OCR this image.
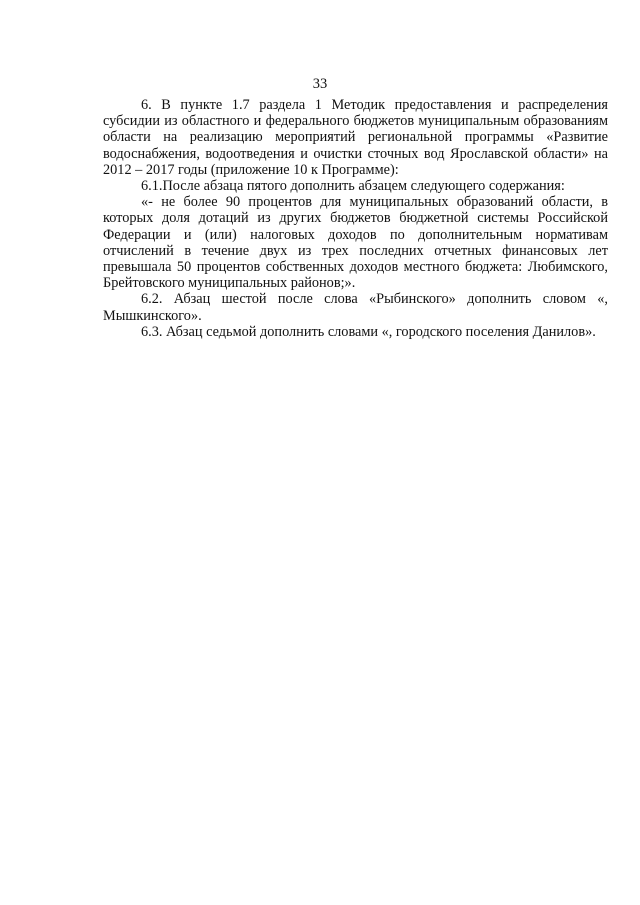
33

6. В пункте 1.7 раздела 1 Методик предоставления и распределения субсидии из областного и федерального бюджетов муниципальным образованиям области на реализацию мероприятий региональной программы «Развитие водоснабжения, водоотведения и очистки сточных вод Ярославской области» на 2012 – 2017 годы (приложение 10 к Программе):

6.1.После абзаца пятого дополнить абзацем следующего содержания:

«- не более 90 процентов для муниципальных образований области, в которых доля дотаций из других бюджетов бюджетной системы Российской Федерации и (или) налоговых доходов по дополнительным нормативам отчислений в течение двух из трех последних отчетных финансовых лет превышала 50 процентов собственных доходов местного бюджета: Любимского, Брейтовского муниципальных районов;».

6.2. Абзац шестой после слова «Рыбинского» дополнить словом «, Мышкинского».

6.3. Абзац седьмой дополнить словами «, городского поселения Данилов».
